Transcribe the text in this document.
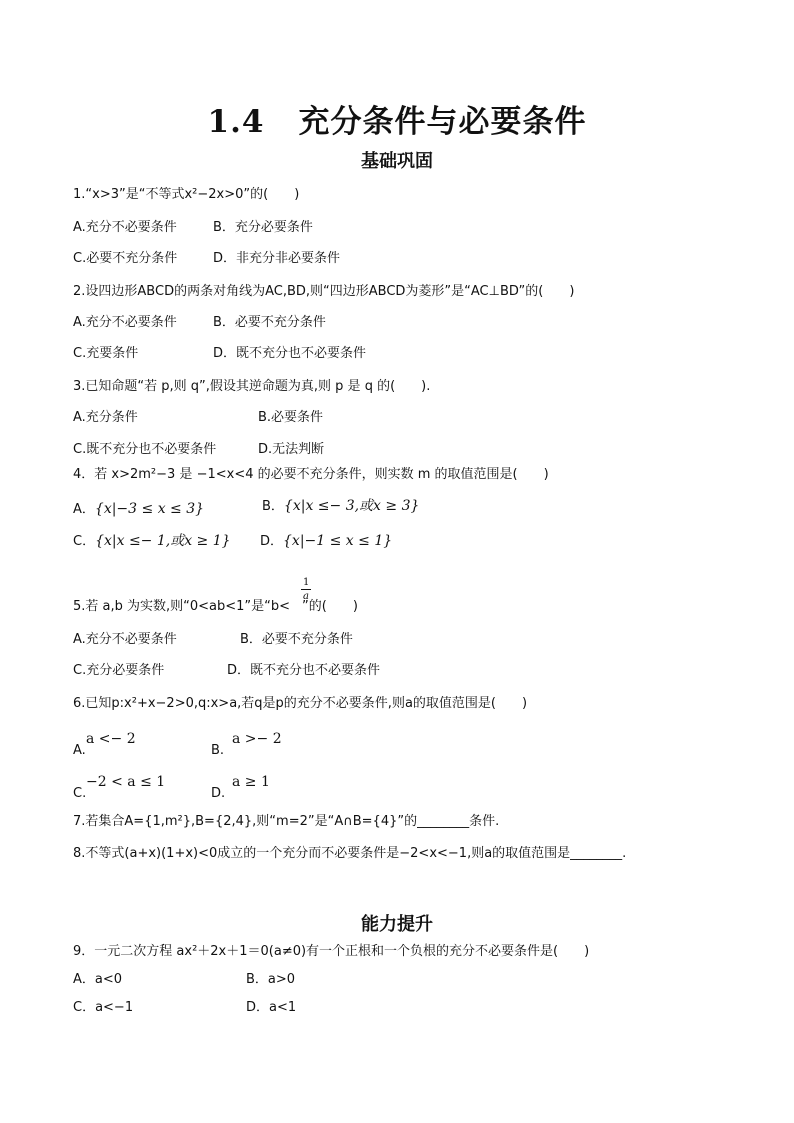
1.4 充分条件与必要条件
基础巩固
1.“x>3”是“不等式x²−2x>0”的(　　)
A.充分不必要条件	B．充分必要条件
C.必要不充分条件	D．非充分非必要条件
2.设四边形ABCD的两条对角线为AC,BD,则“四边形ABCD为菱形”是“AC⊥BD”的(　　)
A.充分不必要条件	B．必要不充分条件
C.充要条件	D．既不充分也不必要条件
3.已知命题“若 p,则 q”,假设其逆命题为真,则 p 是 q 的(　　).
A.充分条件	B.必要条件
C.既不充分也不必要条件	D.无法判断
4．若 x>2m²−3 是 −1<x<4 的必要不充分条件，则实数 m 的取值范围是(　　)
A．{x|−3 ≤ x ≤ 3}	B．{x|x ≤− 3,或x ≥ 3}
C．{x|x ≤− 1,或x ≥ 1} D．{x|−1 ≤ x ≤ 1}
5.若 a,b 为实数,则“0<ab<1”是“b< ”的(　　)
1
a
A.充分不必要条件	B．必要不充分条件
C.充分必要条件	D．既不充分也不必要条件
6.已知p:x²+x−2>0,q:x>a,若q是p的充分不必要条件,则a的取值范围是(　　)
A.
a <− 2
B.
a >− 2
C.
−2 < a ≤ 1
D.
a ≥ 1
7.若集合A={1,m²},B={2,4},则“m=2”是“A∩B={4}”的________条件.
8.不等式(a+x)(1+x)<0成立的一个充分而不必要条件是−2<x<−1,则a的取值范围是________.
能力提升
9．一元二次方程 ax²＋2x＋1＝0(a≠0)有一个正根和一个负根的充分不必要条件是(　　)
A．a<0	B．a>0
C．a<−1	D．a<1
